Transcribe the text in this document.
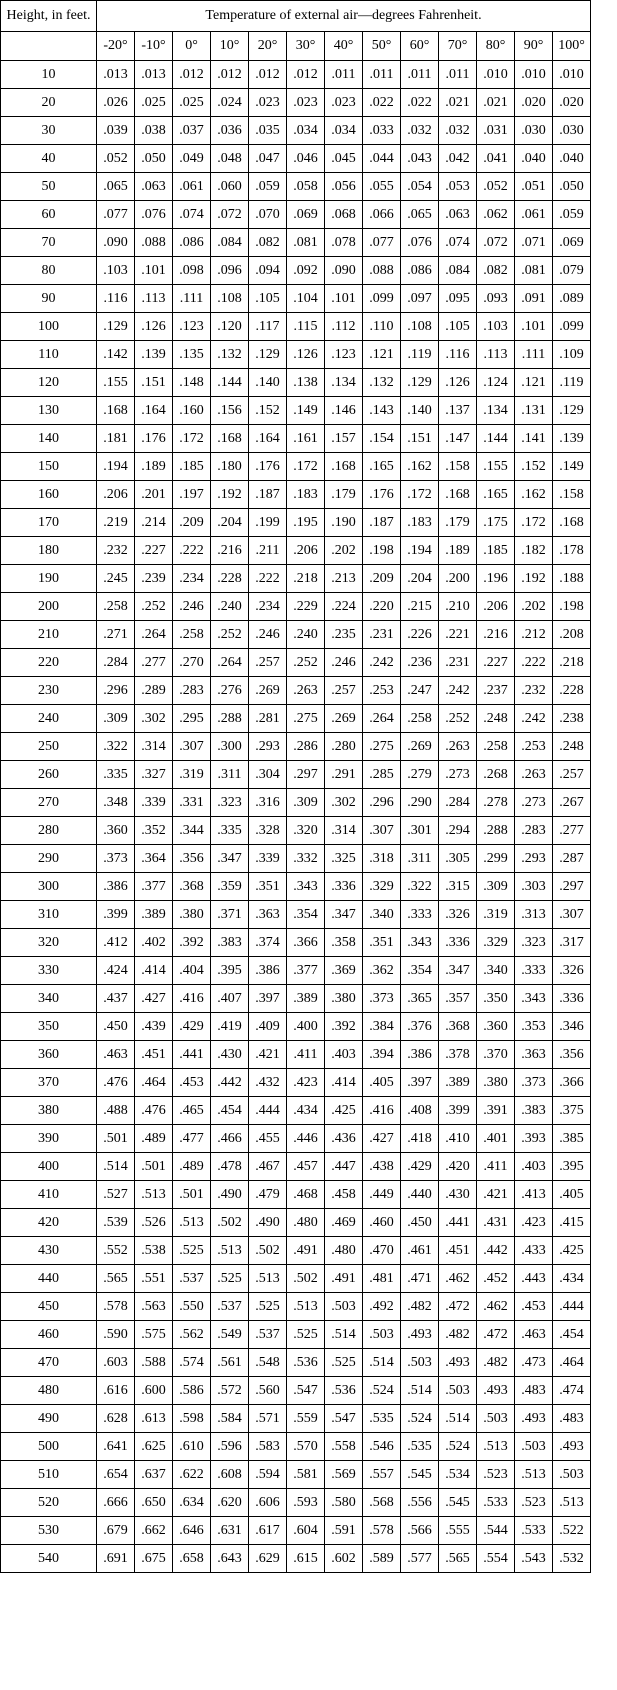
Height, in feet.	Temperature of external air—degrees Fahrenheit.												
	-20°	-10°	0°	10°	20°	30°	40°	50°	60°	70°	80°	90°	100°
10	.013	.013	.012	.012	.012	.012	.011	.011	.011	.011	.010	.010	.010
20	.026	.025	.025	.024	.023	.023	.023	.022	.022	.021	.021	.020	.020
30	.039	.038	.037	.036	.035	.034	.034	.033	.032	.032	.031	.030	.030
40	.052	.050	.049	.048	.047	.046	.045	.044	.043	.042	.041	.040	.040
50	.065	.063	.061	.060	.059	.058	.056	.055	.054	.053	.052	.051	.050
60	.077	.076	.074	.072	.070	.069	.068	.066	.065	.063	.062	.061	.059
70	.090	.088	.086	.084	.082	.081	.078	.077	.076	.074	.072	.071	.069
80	.103	.101	.098	.096	.094	.092	.090	.088	.086	.084	.082	.081	.079
90	.116	.113	.111	.108	.105	.104	.101	.099	.097	.095	.093	.091	.089
100	.129	.126	.123	.120	.117	.115	.112	.110	.108	.105	.103	.101	.099
110	.142	.139	.135	.132	.129	.126	.123	.121	.119	.116	.113	.111	.109
120	.155	.151	.148	.144	.140	.138	.134	.132	.129	.126	.124	.121	.119
130	.168	.164	.160	.156	.152	.149	.146	.143	.140	.137	.134	.131	.129
140	.181	.176	.172	.168	.164	.161	.157	.154	.151	.147	.144	.141	.139
150	.194	.189	.185	.180	.176	.172	.168	.165	.162	.158	.155	.152	.149
160	.206	.201	.197	.192	.187	.183	.179	.176	.172	.168	.165	.162	.158
170	.219	.214	.209	.204	.199	.195	.190	.187	.183	.179	.175	.172	.168
180	.232	.227	.222	.216	.211	.206	.202	.198	.194	.189	.185	.182	.178
190	.245	.239	.234	.228	.222	.218	.213	.209	.204	.200	.196	.192	.188
200	.258	.252	.246	.240	.234	.229	.224	.220	.215	.210	.206	.202	.198
210	.271	.264	.258	.252	.246	.240	.235	.231	.226	.221	.216	.212	.208
220	.284	.277	.270	.264	.257	.252	.246	.242	.236	.231	.227	.222	.218
230	.296	.289	.283	.276	.269	.263	.257	.253	.247	.242	.237	.232	.228
240	.309	.302	.295	.288	.281	.275	.269	.264	.258	.252	.248	.242	.238
250	.322	.314	.307	.300	.293	.286	.280	.275	.269	.263	.258	.253	.248
260	.335	.327	.319	.311	.304	.297	.291	.285	.279	.273	.268	.263	.257
270	.348	.339	.331	.323	.316	.309	.302	.296	.290	.284	.278	.273	.267
280	.360	.352	.344	.335	.328	.320	.314	.307	.301	.294	.288	.283	.277
290	.373	.364	.356	.347	.339	.332	.325	.318	.311	.305	.299	.293	.287
300	.386	.377	.368	.359	.351	.343	.336	.329	.322	.315	.309	.303	.297
310	.399	.389	.380	.371	.363	.354	.347	.340	.333	.326	.319	.313	.307
320	.412	.402	.392	.383	.374	.366	.358	.351	.343	.336	.329	.323	.317
330	.424	.414	.404	.395	.386	.377	.369	.362	.354	.347	.340	.333	.326
340	.437	.427	.416	.407	.397	.389	.380	.373	.365	.357	.350	.343	.336
350	.450	.439	.429	.419	.409	.400	.392	.384	.376	.368	.360	.353	.346
360	.463	.451	.441	.430	.421	.411	.403	.394	.386	.378	.370	.363	.356
370	.476	.464	.453	.442	.432	.423	.414	.405	.397	.389	.380	.373	.366
380	.488	.476	.465	.454	.444	.434	.425	.416	.408	.399	.391	.383	.375
390	.501	.489	.477	.466	.455	.446	.436	.427	.418	.410	.401	.393	.385
400	.514	.501	.489	.478	.467	.457	.447	.438	.429	.420	.411	.403	.395
410	.527	.513	.501	.490	.479	.468	.458	.449	.440	.430	.421	.413	.405
420	.539	.526	.513	.502	.490	.480	.469	.460	.450	.441	.431	.423	.415
430	.552	.538	.525	.513	.502	.491	.480	.470	.461	.451	.442	.433	.425
440	.565	.551	.537	.525	.513	.502	.491	.481	.471	.462	.452	.443	.434
450	.578	.563	.550	.537	.525	.513	.503	.492	.482	.472	.462	.453	.444
460	.590	.575	.562	.549	.537	.525	.514	.503	.493	.482	.472	.463	.454
470	.603	.588	.574	.561	.548	.536	.525	.514	.503	.493	.482	.473	.464
480	.616	.600	.586	.572	.560	.547	.536	.524	.514	.503	.493	.483	.474
490	.628	.613	.598	.584	.571	.559	.547	.535	.524	.514	.503	.493	.483
500	.641	.625	.610	.596	.583	.570	.558	.546	.535	.524	.513	.503	.493
510	.654	.637	.622	.608	.594	.581	.569	.557	.545	.534	.523	.513	.503
520	.666	.650	.634	.620	.606	.593	.580	.568	.556	.545	.533	.523	.513
530	.679	.662	.646	.631	.617	.604	.591	.578	.566	.555	.544	.533	.522
540	.691	.675	.658	.643	.629	.615	.602	.589	.577	.565	.554	.543	.532
